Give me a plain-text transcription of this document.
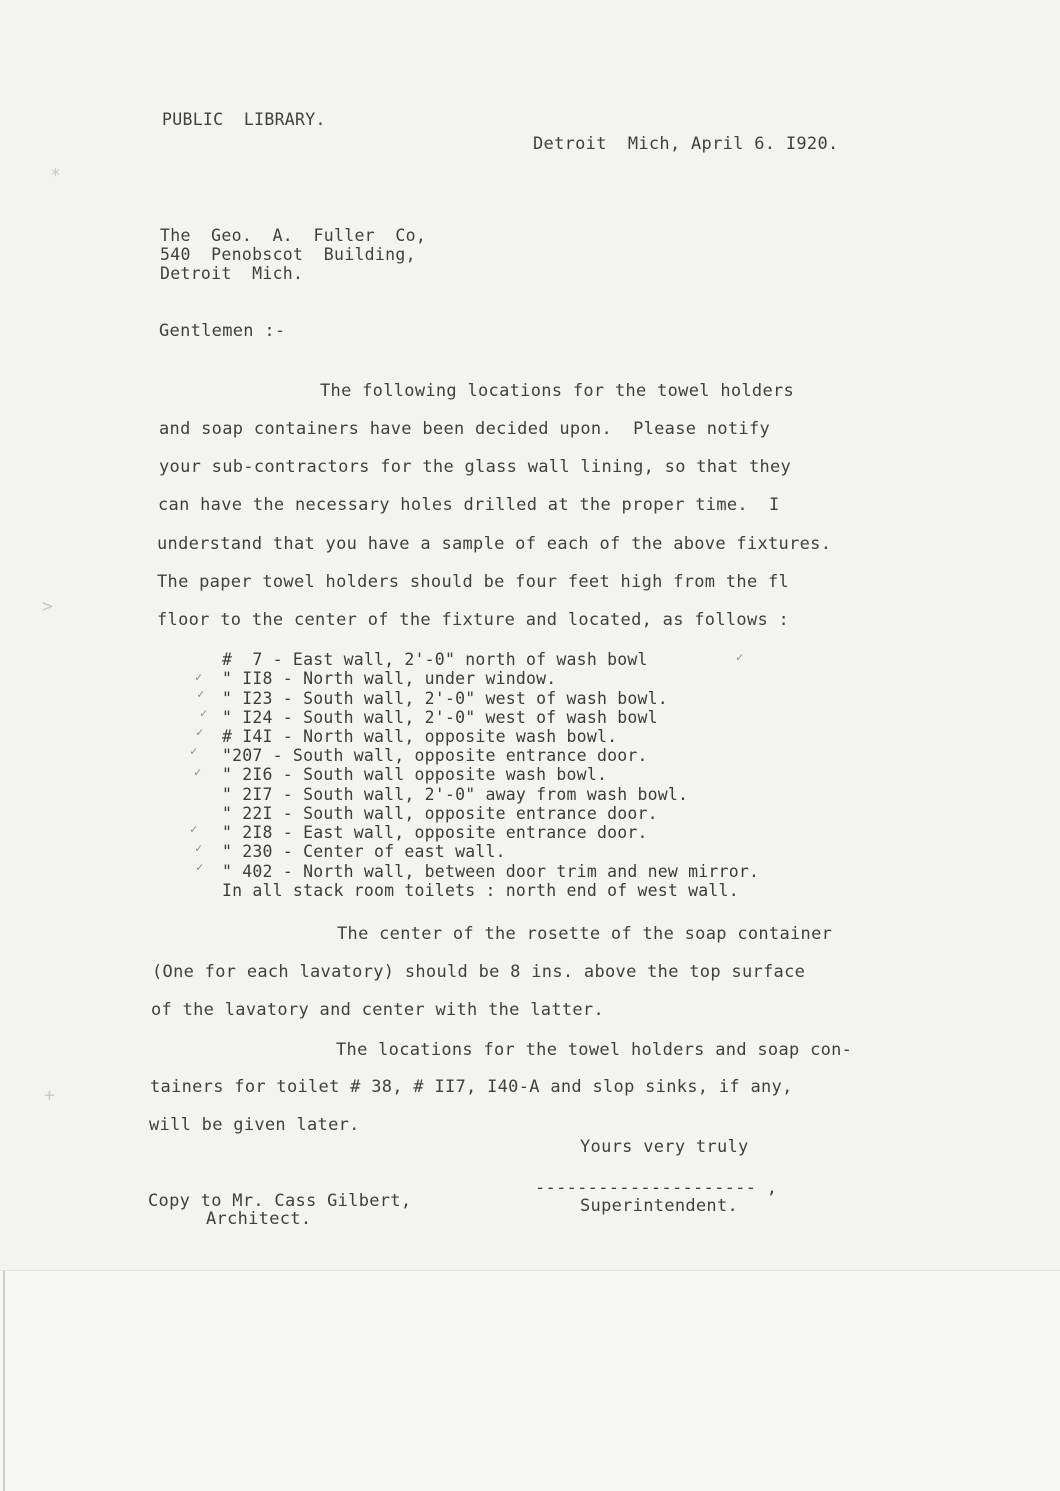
PUBLIC  LIBRARY.
Detroit  Mich, April 6. I920.
The  Geo.  A.  Fuller  Co,
540  Penobscot  Building,
Detroit  Mich.
Gentlemen :-
The following locations for the towel holders
and soap containers have been decided upon.  Please notify
your sub-contractors for the glass wall lining, so that they
can have the necessary holes drilled at the proper time.  I
understand that you have a sample of each of the above fixtures.
The paper towel holders should be four feet high from the fl
floor to the center of the fixture and located, as follows :
#  7 - East wall, 2'-0" north of wash bowl
" II8 - North wall, under window.
" I23 - South wall, 2'-0" west of wash bowl.
" I24 - South wall, 2'-0" west of wash bowl
# I4I - North wall, opposite wash bowl.
"207 - South wall, opposite entrance door.
" 2I6 - South wall opposite wash bowl.
" 2I7 - South wall, 2'-0" away from wash bowl.
" 22I - South wall, opposite entrance door.
" 2I8 - East wall, opposite entrance door.
" 230 - Center of east wall.
" 402 - North wall, between door trim and new mirror.
In all stack room toilets : north end of west wall.
✓
✓
✓
✓
✓
✓
✓
✓
✓
✓
The center of the rosette of the soap container
(One for each lavatory) should be 8 ins. above the top surface
of the lavatory and center with the latter.
The locations for the towel holders and soap con-
tainers for toilet # 38, # II7, I40-A and slop sinks, if any,
will be given later.
Yours very truly
--------------------- ,
Superintendent.
Copy to Mr. Cass Gilbert,
Architect.
*
>
+
